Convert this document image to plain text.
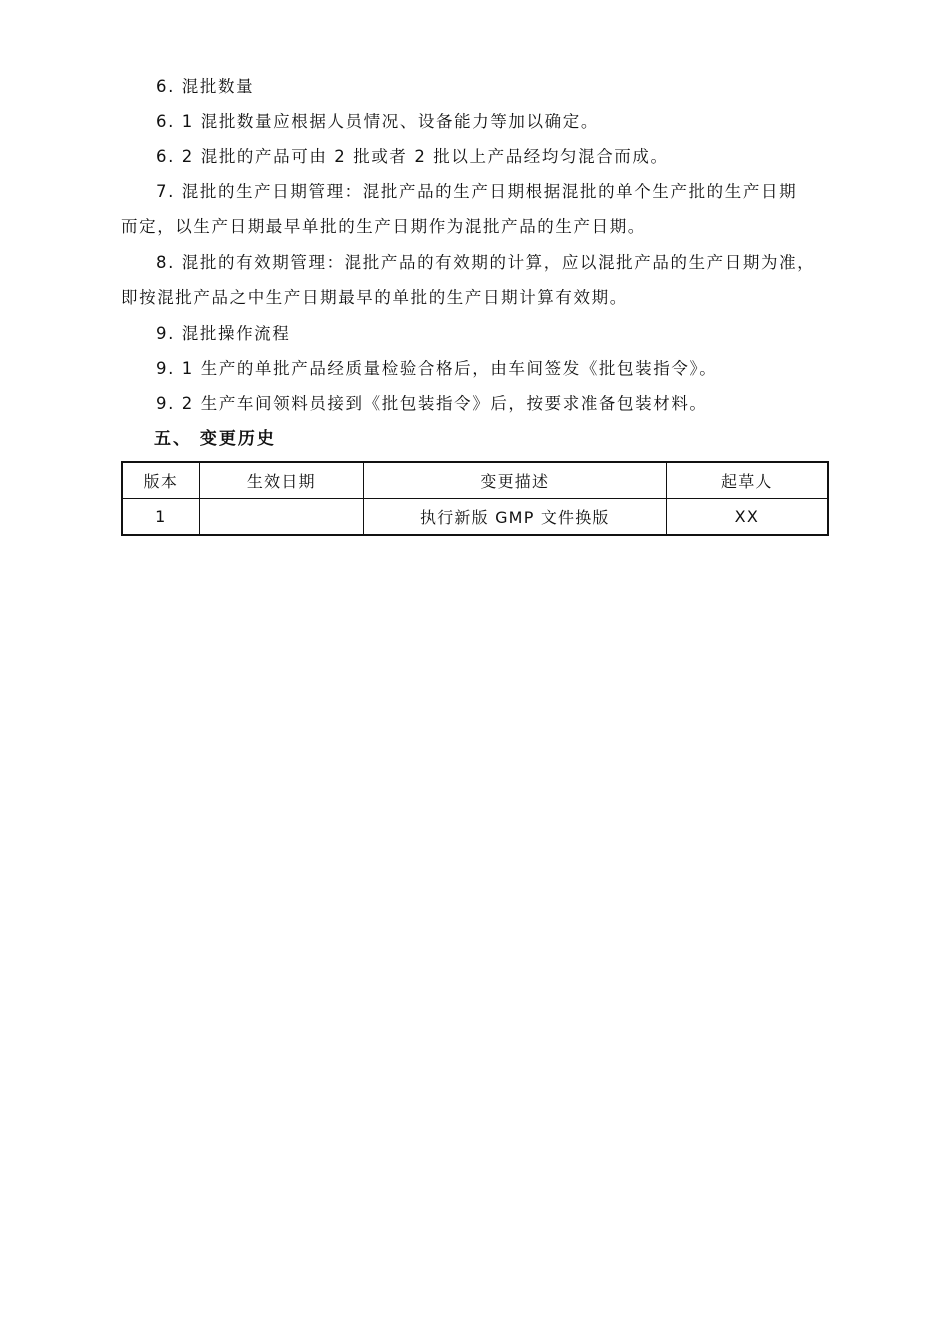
6. 混批数量
6. 1 混批数量应根据人员情况、设备能力等加以确定。
6. 2 混批的产品可由 2 批或者 2 批以上产品经均匀混合而成。
7. 混批的生产日期管理：混批产品的生产日期根据混批的单个生产批的生产日期
而定，以生产日期最早单批的生产日期作为混批产品的生产日期。
8. 混批的有效期管理：混批产品的有效期的计算，应以混批产品的生产日期为准，
即按混批产品之中生产日期最早的单批的生产日期计算有效期。
9. 混批操作流程
9. 1 生产的单批产品经质量检验合格后，由车间签发《批包装指令》。
9. 2 生产车间领料员接到《批包装指令》后，按要求准备包装材料。
五、 变更历史
版本	生效日期	变更描述	起草人
1		执行新版 GMP 文件换版	XX
